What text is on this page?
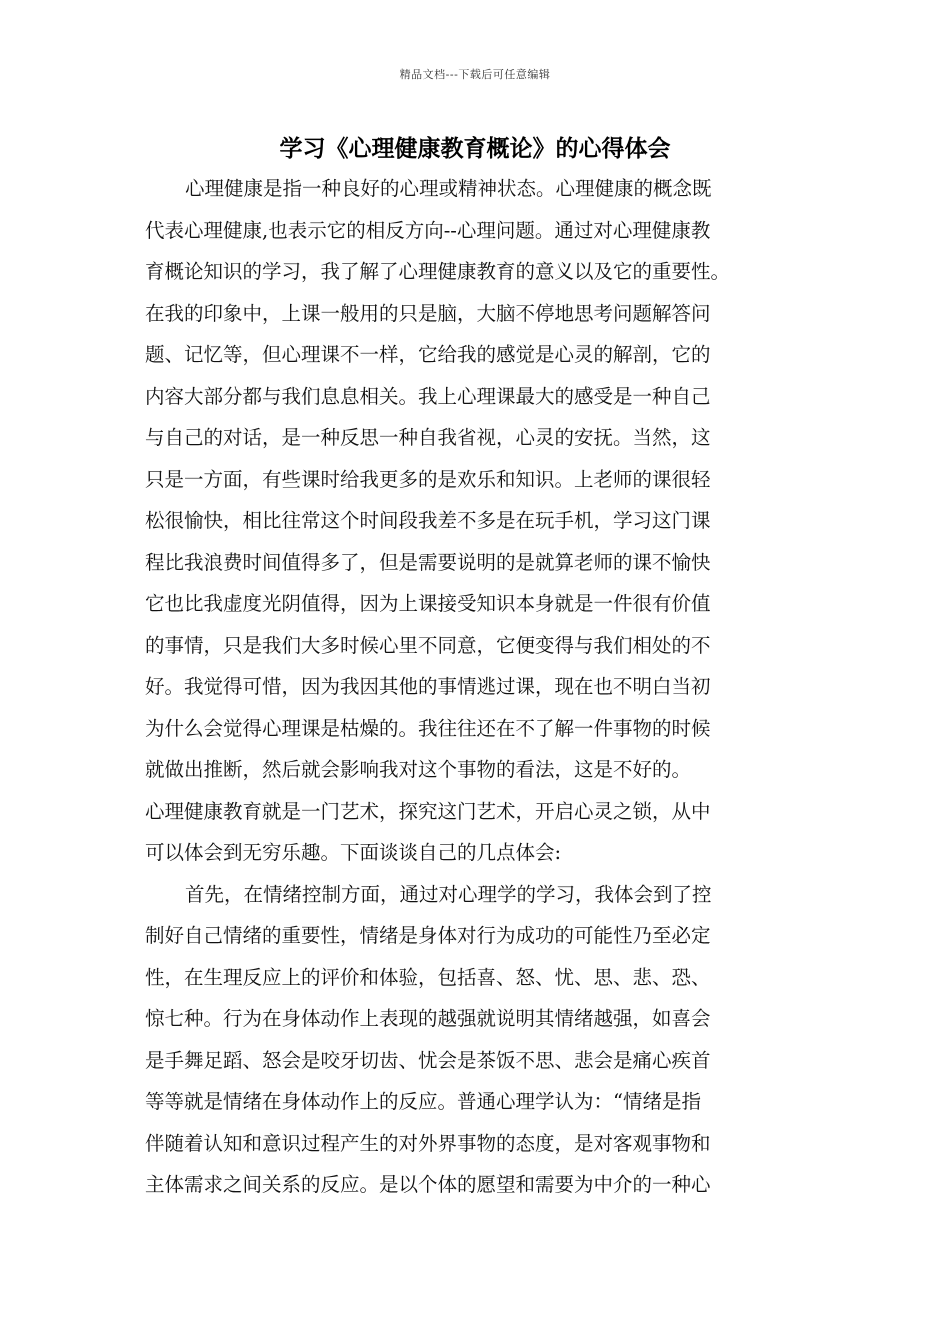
精品文档---下载后可任意编辑
学习《心理健康教育概论》的心得体会
心理健康是指一种良好的心理或精神状态。心理健康的概念既
代表心理健康,也表示它的相反方向--心理问题。通过对心理健康教
育概论知识的学习，我了解了心理健康教育的意义以及它的重要性。
在我的印象中，上课一般用的只是脑，大脑不停地思考问题解答问
题、记忆等，但心理课不一样，它给我的感觉是心灵的解剖，它的
内容大部分都与我们息息相关。我上心理课最大的感受是一种自己
与自己的对话，是一种反思一种自我省视，心灵的安抚。当然，这
只是一方面，有些课时给我更多的是欢乐和知识。上老师的课很轻
松很愉快，相比往常这个时间段我差不多是在玩手机，学习这门课
程比我浪费时间值得多了，但是需要说明的是就算老师的课不愉快
它也比我虚度光阴值得，因为上课接受知识本身就是一件很有价值
的事情，只是我们大多时候心里不同意，它便变得与我们相处的不
好。我觉得可惜，因为我因其他的事情逃过课，现在也不明白当初
为什么会觉得心理课是枯燥的。我往往还在不了解一件事物的时候
就做出推断，然后就会影响我对这个事物的看法，这是不好的。
心理健康教育就是一门艺术，探究这门艺术，开启心灵之锁，从中
可以体会到无穷乐趣。下面谈谈自己的几点体会:
首先，在情绪控制方面，通过对心理学的学习，我体会到了控
制好自己情绪的重要性，情绪是身体对行为成功的可能性乃至必定
性，在生理反应上的评价和体验，包括喜、怒、忧、思、悲、恐、
惊七种。行为在身体动作上表现的越强就说明其情绪越强，如喜会
是手舞足蹈、怒会是咬牙切齿、忧会是茶饭不思、悲会是痛心疾首
等等就是情绪在身体动作上的反应。普通心理学认为：“情绪是指
伴随着认知和意识过程产生的对外界事物的态度，是对客观事物和
主体需求之间关系的反应。是以个体的愿望和需要为中介的一种心
